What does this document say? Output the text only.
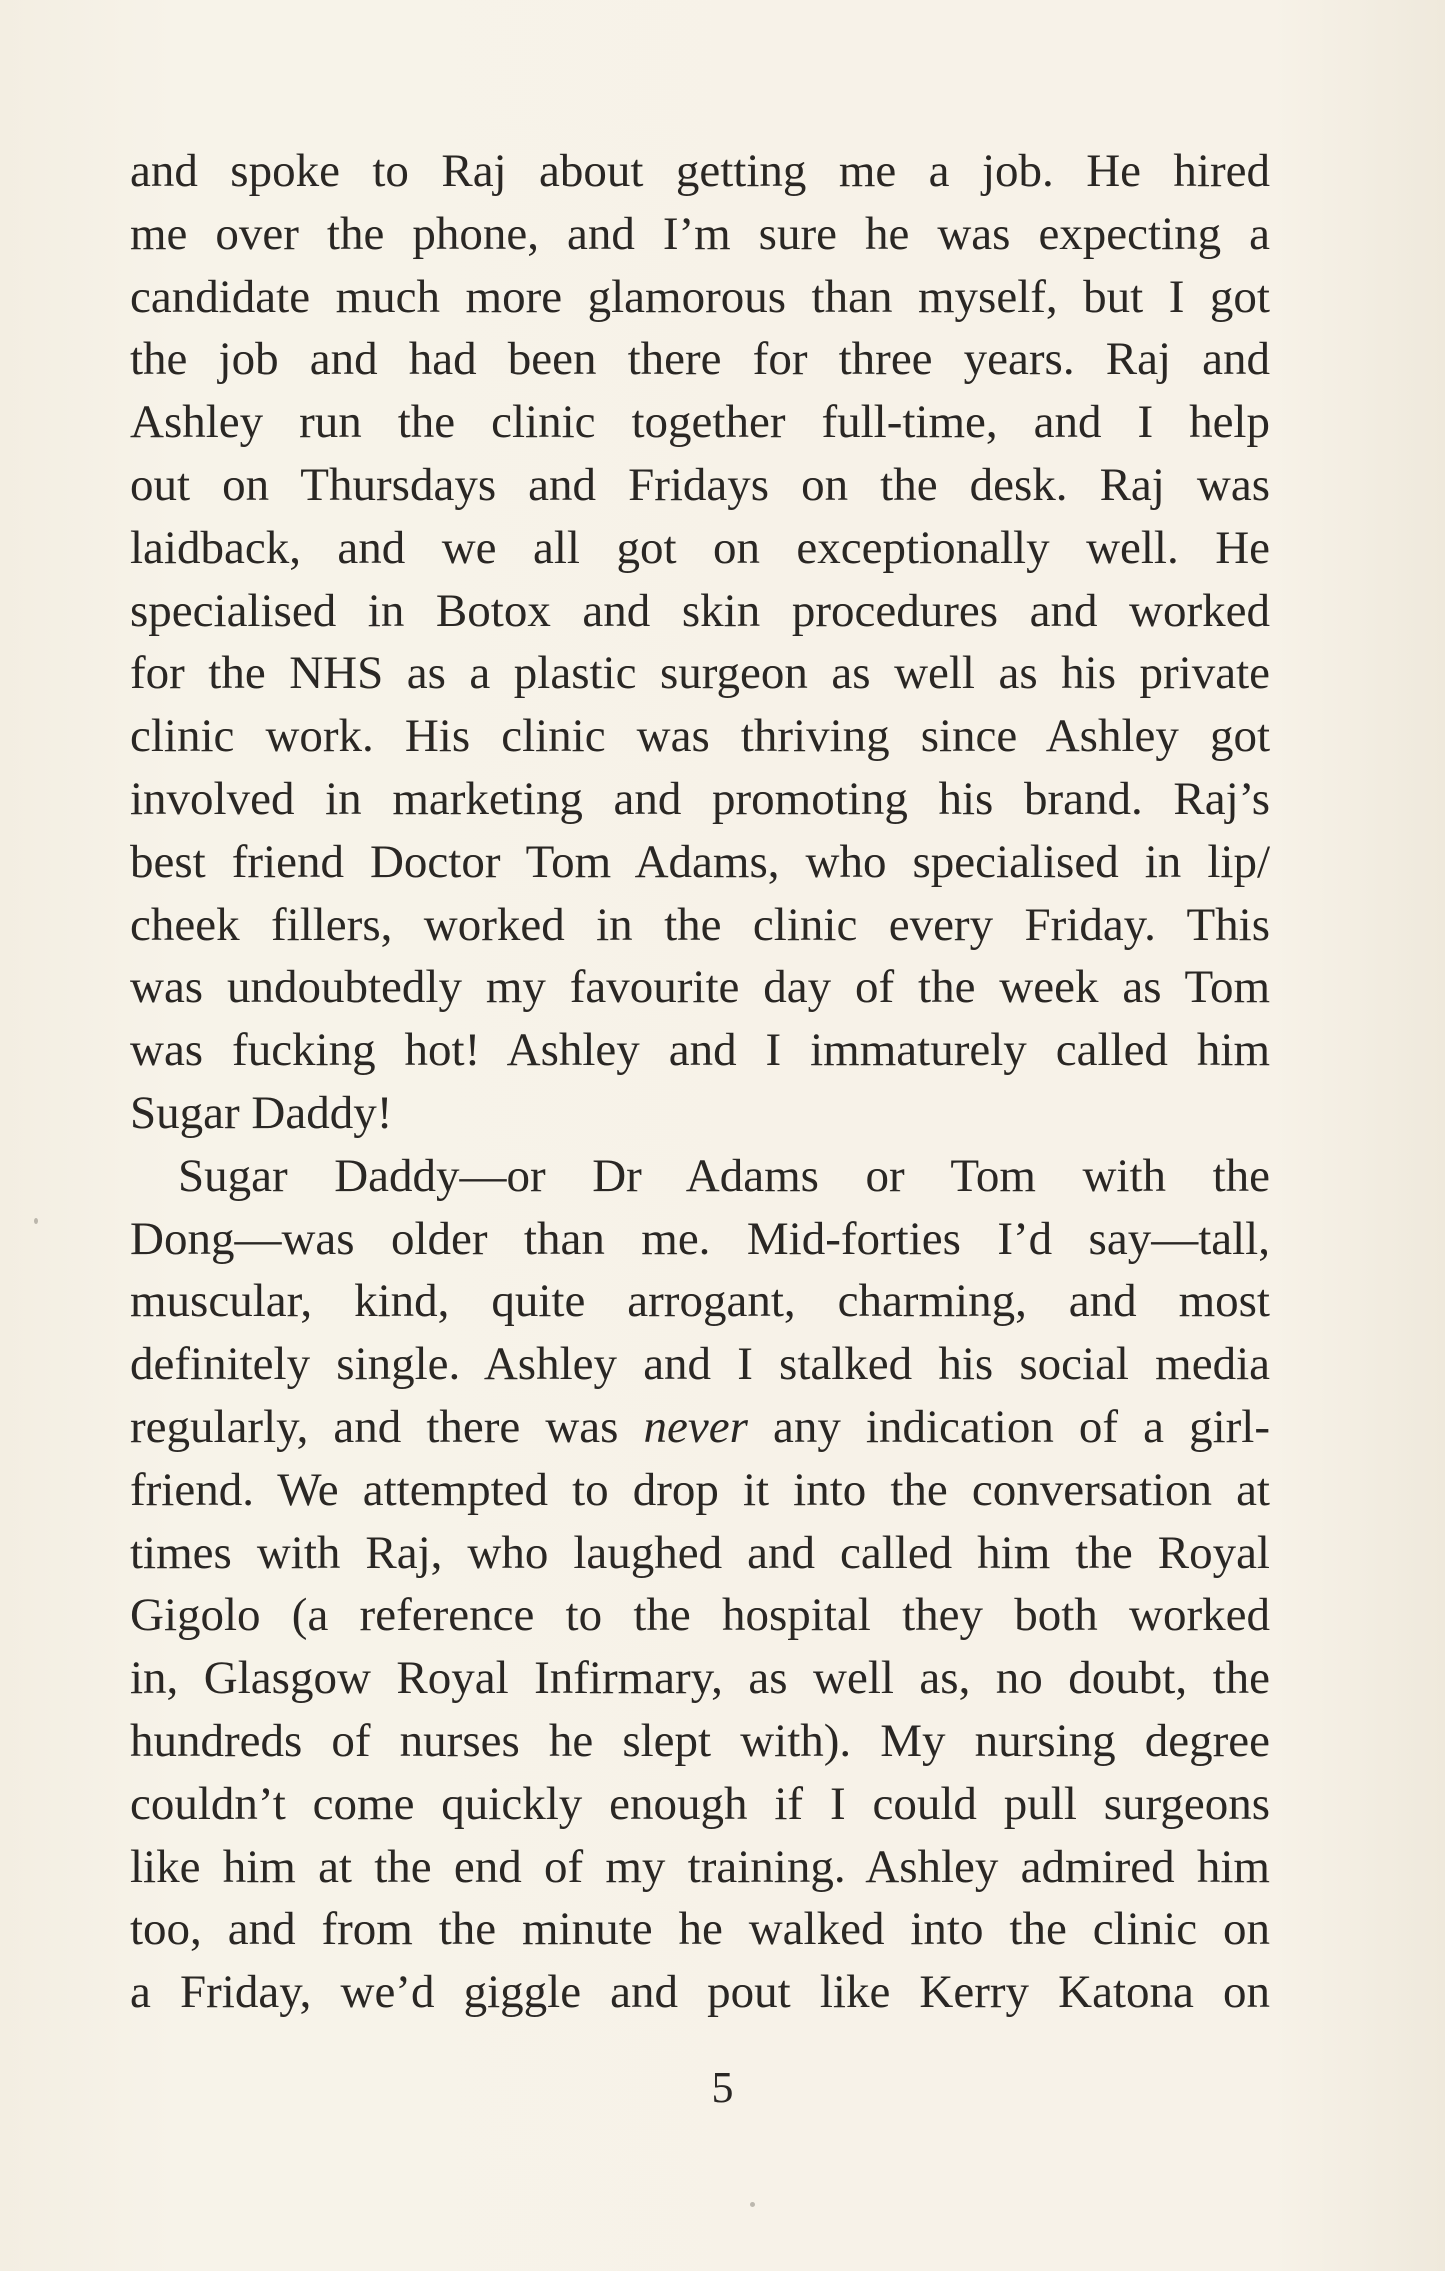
and spoke to Raj about getting me a job. He hired
me over the phone, and I’m sure he was expecting a
candidate much more glamorous than myself, but I got
the job and had been there for three years. Raj and
Ashley run the clinic together full-time, and I help
out on Thursdays and Fridays on the desk. Raj was
laidback, and we all got on exceptionally well. He
specialised in Botox and skin procedures and worked
for the NHS as a plastic surgeon as well as his private
clinic work. His clinic was thriving since Ashley got
involved in marketing and promoting his brand. Raj’s
best friend Doctor Tom Adams, who specialised in lip/
cheek fillers, worked in the clinic every Friday. This
was undoubtedly my favourite day of the week as Tom
was fucking hot! Ashley and I immaturely called him
Sugar Daddy!
Sugar Daddy—or Dr Adams or Tom with the
Dong—was older than me. Mid-forties I’d say—tall,
muscular, kind, quite arrogant, charming, and most
definitely single. Ashley and I stalked his social media
regularly, and there was never any indication of a girl-
friend. We attempted to drop it into the conversation at
times with Raj, who laughed and called him the Royal
Gigolo (a reference to the hospital they both worked
in, Glasgow Royal Infirmary, as well as, no doubt, the
hundreds of nurses he slept with). My nursing degree
couldn’t come quickly enough if I could pull surgeons
like him at the end of my training. Ashley admired him
too, and from the minute he walked into the clinic on
a Friday, we’d giggle and pout like Kerry Katona on
5
